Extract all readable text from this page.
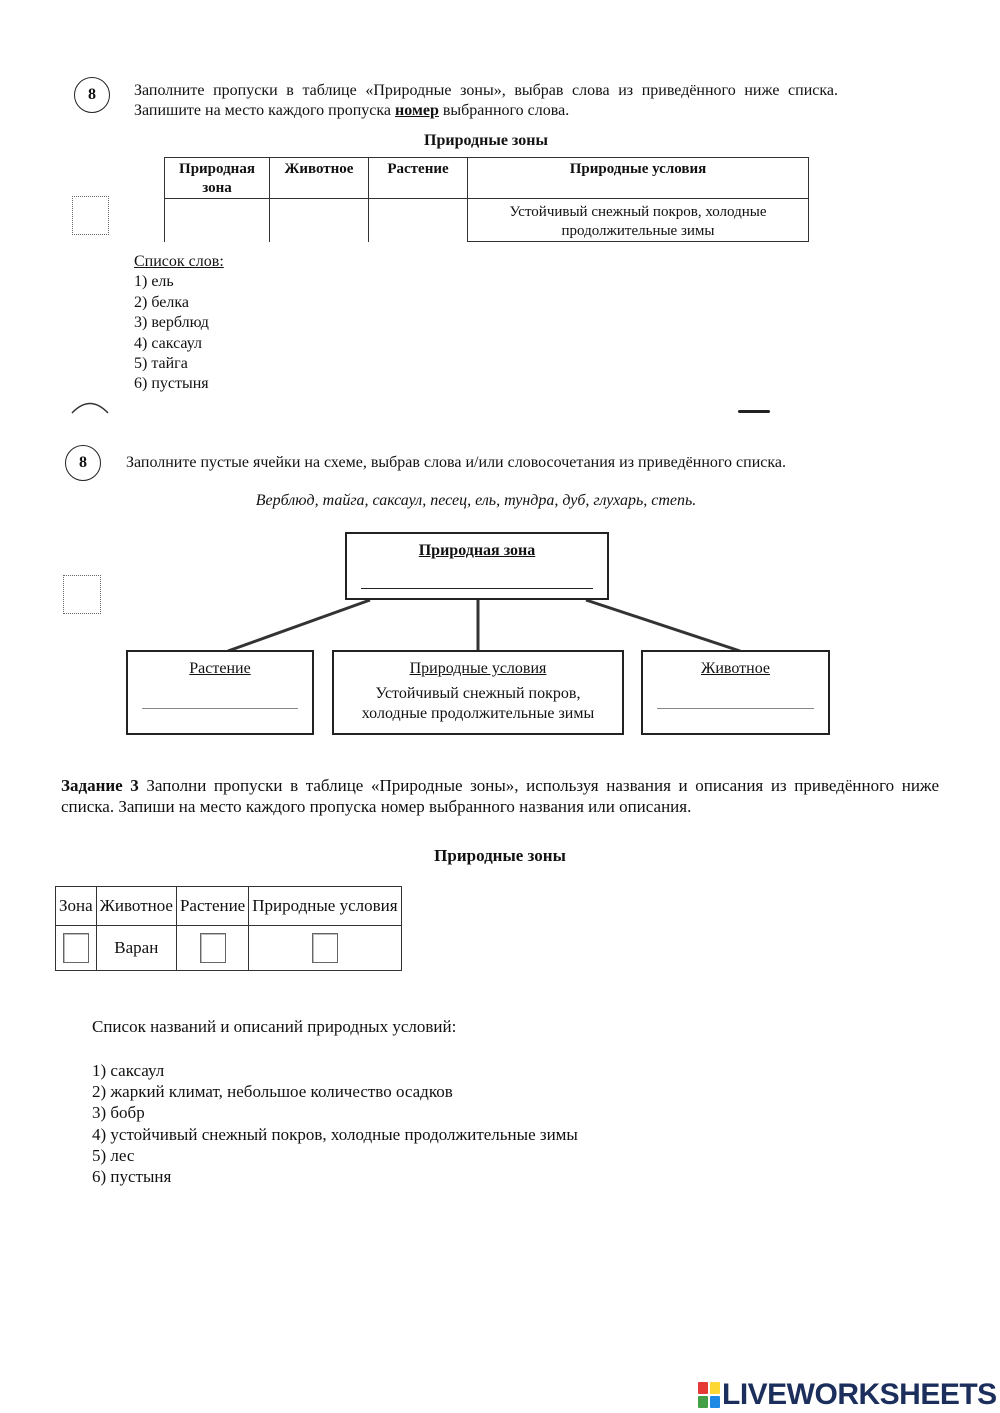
8 Заполните пропуски в таблице «Природные зоны», выбрав слова из приведённого ниже списка. Запишите на место каждого пропуска номер выбранного слова.
Природные зоны
Природная зона	Животное	Растение	Природные условия
			Устойчивый снежный покров, холодные продолжительные зимы
Список слов:
1) ель
2) белка
3) верблюд
4) саксаул
5) тайга
6) пустыня
8 Заполните пустые ячейки на схеме, выбрав слова и/или словосочетания из приведённого списка.
Верблюд, тайга, саксаул, песец, ель, тундра, дуб, глухарь, степь.
Природная зона
Растение	Природные условия
Устойчивый снежный покров, холодные продолжительные зимы
Животное
Задание 3 Заполни пропуски в таблице «Природные зоны», используя названия и описания из приведённого ниже списка. Запиши на место каждого пропуска номер выбранного названия или описания.
Природные зоны
Зона	Животное	Растение	Природные условия
	Варан		
Список названий и описаний природных условий:
1) саксаул
2) жаркий климат, небольшое количество осадков
3) бобр
4) устойчивый снежный покров, холодные продолжительные зимы
5) лес
6) пустыня
LIVEWORKSHEETS
